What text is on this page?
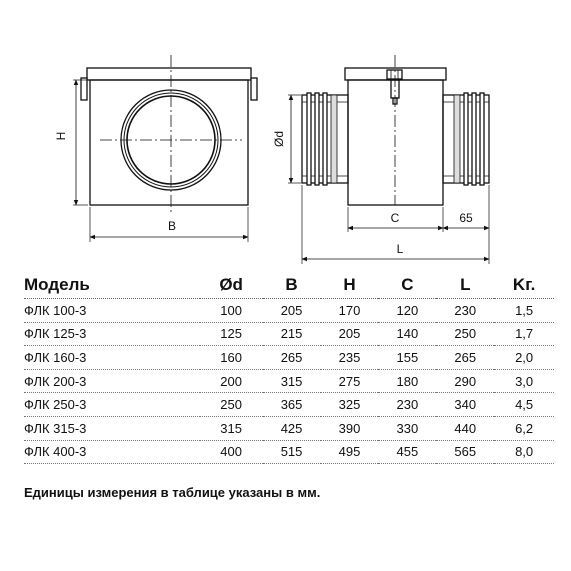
H
B
Ød
C	65
L
Модель	Ød	B	H	C	L	Kг.
ФЛК 100-3	100	205	170	120	230	1,5
ФЛК 125-3	125	215	205	140	250	1,7
ФЛК 160-3	160	265	235	155	265	2,0
ФЛК 200-3	200	315	275	180	290	3,0
ФЛК 250-3	250	365	325	230	340	4,5
ФЛК 315-3	315	425	390	330	440	6,2
ФЛК 400-3	400	515	495	455	565	8,0
Единицы измерения в таблице указаны в мм.
